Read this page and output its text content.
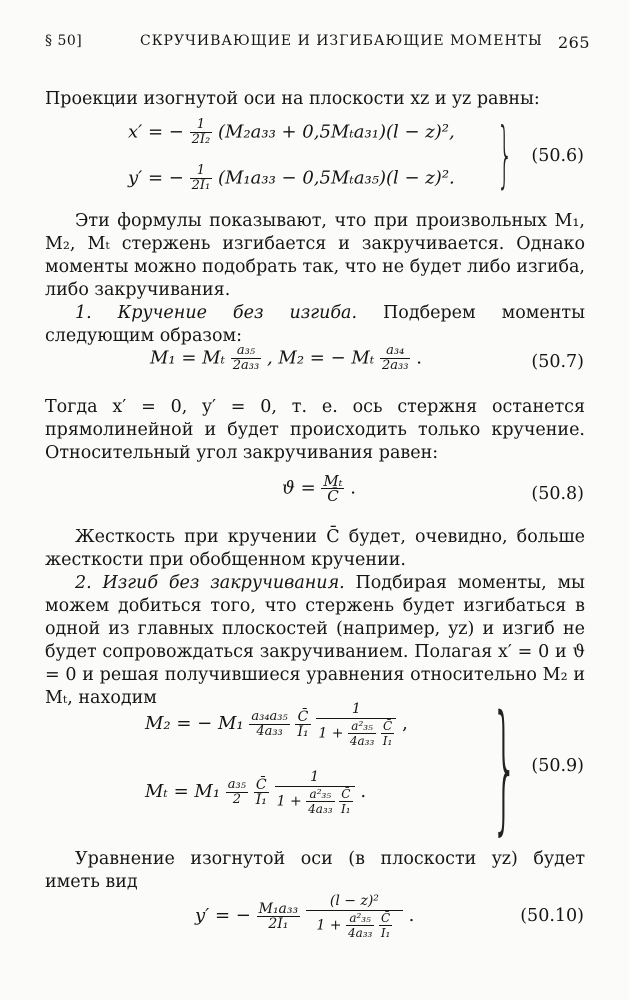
§ 50]	СКРУЧИВАЮЩИЕ И ИЗГИБАЮЩИЕ МОМЕНТЫ 265
Проекции изогнутой оси на плоскости xz и yz равны:
x′ = − $\frac{1}{\text{2I₂}} (M_2a_{33} + 0,5M_ta_{31})(l - z)^2$,
y′ = − $\frac{1}{\text{2I₁}} (M_1a_{33} - 0,5M_ta_{35})(l - z)^2$. } (50.6)
Эти формулы показывают, что при произвольных M₁, M₂, Mₜ стержень изгибается и закручивается. Однако моменты можно подобрать так, что не будет либо изгиба, либо закручивания.
1. Кручение без изгиба. Подберем моменты следующим образом:
M₁ = Mₜ $\frac{\text{a₃₅}}{\text{2a₃₃}}$ , M₂ = − Mₜ $\frac{\text{a₃₄}}{\text{2a₃₃}}$ .	(50.7)
Тогда x′ = 0, y′ = 0, т. е. ось стержня останется прямолинейной и будет происходить только кручение. Относительный угол закручивания равен:
$ϑ = \frac{\text{Mₜ}}{C̄}$ .	(50.8)
Жесткость при кручении C̄ будет, очевидно, больше жесткости при обобщенном кручении.
2. Изгиб без закручивания. Подбирая моменты, мы можем добиться того, что стержень будет изгибаться в одной из главных плоскостей (например, yz) и изгиб не будет сопровождаться закручиванием. Полагая x′ = 0 и ϑ = 0 и решая получившиеся уравнения относительно M₂ и Mₜ, находим
M₂ = − $M_1 \frac{\text{a₃₄a₃₅}}{\text{4a₃₃}}$
$\frac{C̄}{\text{I₁}}$
1
$1 + \frac{\text{a²₃₅}}{\text{4a₃₃}}$
$\frac{C̄}{\text{I₁}}$ ,
$M_t = M_1 \frac{\text{a₃₅}}{2}$
$\frac{C̄}{\text{I₁}}$
1
$1 + \frac{\text{a²₃₅}}{\text{4a₃₃}}$
$\frac{C̄}{\text{I₁}}$ . } (50.9)
Уравнение изогнутой оси (в плоскости yz) будет иметь вид
y′ = − $\frac{\text{M₁a₃₃}}{\text{2I₁}}$
(l − z)²
$1 + \frac{\text{a²₃₅}}{\text{4a₃₃}}$
$\frac{C̄}{\text{I₁}}$ .	(50.10)
